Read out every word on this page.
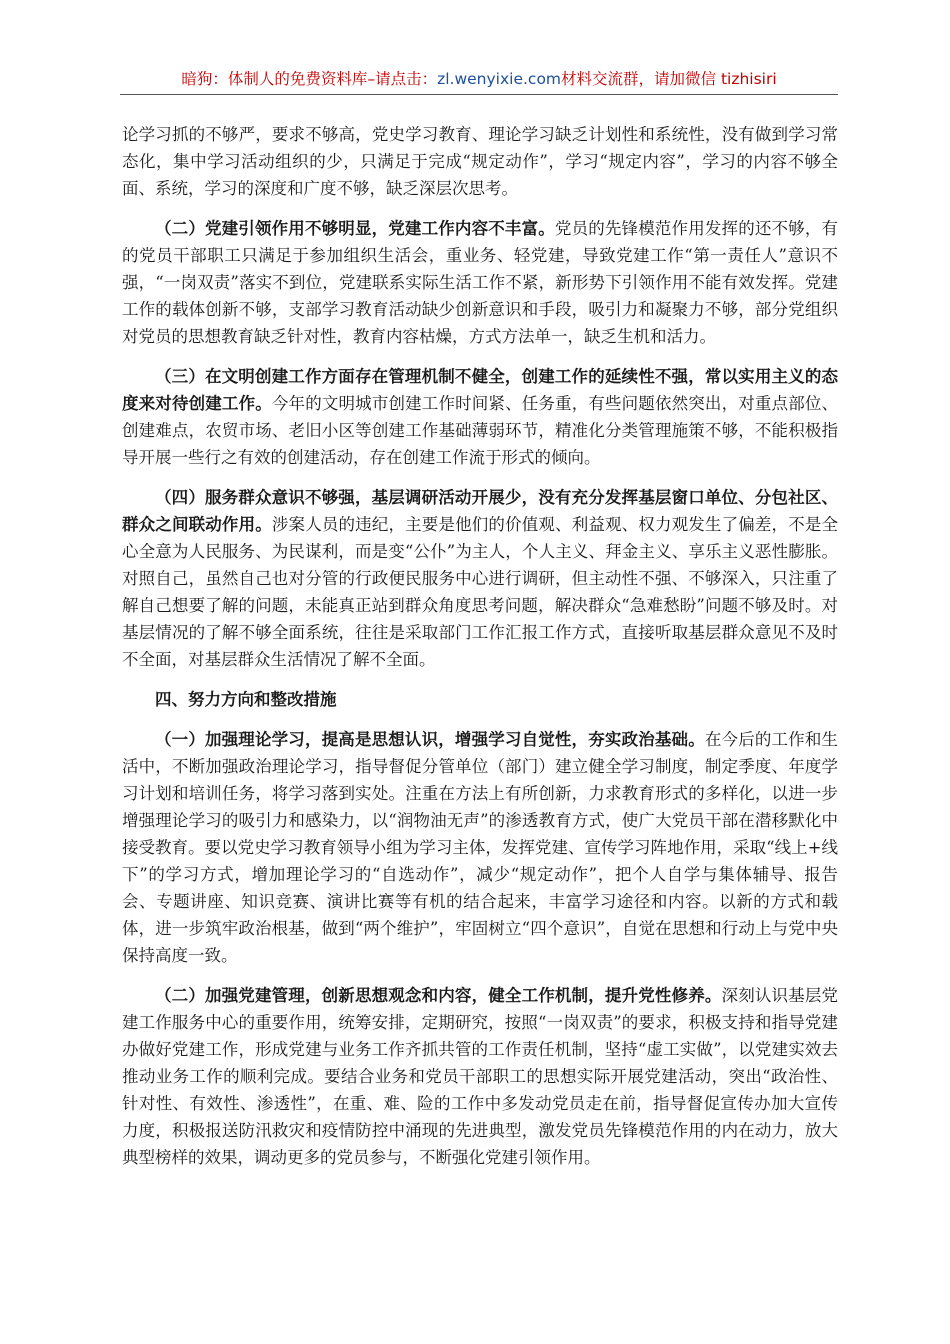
暗狗：体制人的免费资料库–请点击：zl.wenyixie.com材料交流群，请加微信 tizhisiri

论学习抓的不够严，要求不够高，党史学习教育、理论学习缺乏计划性和系统性，没有做到学习常态化，集中学习活动组织的少，只满足于完成“规定动作”，学习“规定内容”，学习的内容不够全面、系统，学习的深度和广度不够，缺乏深层次思考。

（二）党建引领作用不够明显，党建工作内容不丰富。党员的先锋模范作用发挥的还不够，有的党员干部职工只满足于参加组织生活会，重业务、轻党建，导致党建工作“第一责任人”意识不强，“一岗双责”落实不到位，党建联系实际生活工作不紧，新形势下引领作用不能有效发挥。党建工作的载体创新不够，支部学习教育活动缺少创新意识和手段，吸引力和凝聚力不够，部分党组织对党员的思想教育缺乏针对性，教育内容枯燥，方式方法单一，缺乏生机和活力。

（三）在文明创建工作方面存在管理机制不健全，创建工作的延续性不强，常以实用主义的态度来对待创建工作。今年的文明城市创建工作时间紧、任务重，有些问题依然突出，对重点部位、创建难点，农贸市场、老旧小区等创建工作基础薄弱环节，精准化分类管理施策不够，不能积极指导开展一些行之有效的创建活动，存在创建工作流于形式的倾向。

（四）服务群众意识不够强，基层调研活动开展少，没有充分发挥基层窗口单位、分包社区、群众之间联动作用。涉案人员的违纪，主要是他们的价值观、利益观、权力观发生了偏差，不是全心全意为人民服务、为民谋利，而是变“公仆”为主人，个人主义、拜金主义、享乐主义恶性膨胀。对照自己，虽然自己也对分管的行政便民服务中心进行调研，但主动性不强、不够深入，只注重了解自己想要了解的问题，未能真正站到群众角度思考问题，解决群众“急难愁盼”问题不够及时。对基层情况的了解不够全面系统，往往是采取部门工作汇报工作方式，直接听取基层群众意见不及时不全面，对基层群众生活情况了解不全面。

四、努力方向和整改措施

（一）加强理论学习，提高是思想认识，增强学习自觉性，夯实政治基础。在今后的工作和生活中，不断加强政治理论学习，指导督促分管单位（部门）建立健全学习制度，制定季度、年度学习计划和培训任务，将学习落到实处。注重在方法上有所创新，力求教育形式的多样化，以进一步增强理论学习的吸引力和感染力，以“润物油无声”的渗透教育方式，使广大党员干部在潜移默化中接受教育。要以党史学习教育领导小组为学习主体，发挥党建、宣传学习阵地作用，采取“线上+线下”的学习方式，增加理论学习的“自选动作”，减少“规定动作”，把个人自学与集体辅导、报告会、专题讲座、知识竞赛、演讲比赛等有机的结合起来，丰富学习途径和内容。以新的方式和载体，进一步筑牢政治根基，做到“两个维护”，牢固树立“四个意识”，自觉在思想和行动上与党中央保持高度一致。

（二）加强党建管理，创新思想观念和内容，健全工作机制，提升党性修养。深刻认识基层党建工作服务中心的重要作用，统筹安排，定期研究，按照“一岗双责”的要求，积极支持和指导党建办做好党建工作，形成党建与业务工作齐抓共管的工作责任机制，坚持“虚工实做”，以党建实效去推动业务工作的顺利完成。要结合业务和党员干部职工的思想实际开展党建活动，突出“政治性、针对性、有效性、渗透性”，在重、难、险的工作中多发动党员走在前，指导督促宣传办加大宣传力度，积极报送防汛救灾和疫情防控中涌现的先进典型，激发党员先锋模范作用的内在动力，放大典型榜样的效果，调动更多的党员参与，不断强化党建引领作用。
